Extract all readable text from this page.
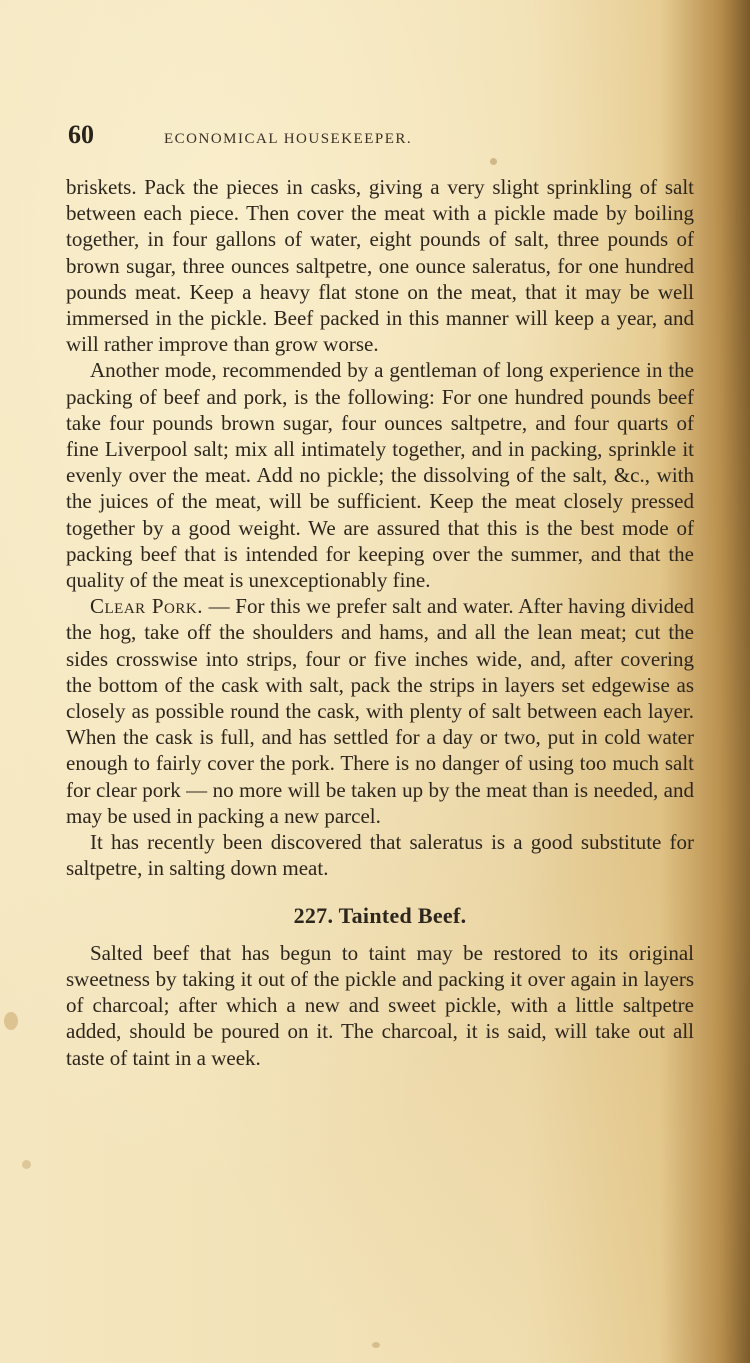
60	ECONOMICAL HOUSEKEEPER.

briskets. Pack the pieces in casks, giving a very slight sprinkling of salt between each piece. Then cover the meat with a pickle made by boiling together, in four gallons of water, eight pounds of salt, three pounds of brown sugar, three ounces saltpetre, one ounce saleratus, for one hundred pounds meat. Keep a heavy flat stone on the meat, that it may be well immersed in the pickle. Beef packed in this manner will keep a year, and will rather improve than grow worse.

Another mode, recommended by a gentleman of long experience in the packing of beef and pork, is the following: For one hundred pounds beef take four pounds brown sugar, four ounces saltpetre, and four quarts of fine Liverpool salt; mix all intimately together, and in packing, sprinkle it evenly over the meat. Add no pickle; the dissolving of the salt, &c., with the juices of the meat, will be sufficient. Keep the meat closely pressed together by a good weight. We are assured that this is the best mode of packing beef that is intended for keeping over the summer, and that the quality of the meat is unexceptionably fine.

Clear Pork. — For this we prefer salt and water. After having divided the hog, take off the shoulders and hams, and all the lean meat; cut the sides crosswise into strips, four or five inches wide, and, after covering the bottom of the cask with salt, pack the strips in layers set edgewise as closely as possible round the cask, with plenty of salt between each layer. When the cask is full, and has settled for a day or two, put in cold water enough to fairly cover the pork. There is no danger of using too much salt for clear pork — no more will be taken up by the meat than is needed, and may be used in packing a new parcel.

It has recently been discovered that saleratus is a good substitute for saltpetre, in salting down meat.

227. Tainted Beef.

Salted beef that has begun to taint may be restored to its original sweetness by taking it out of the pickle and packing it over again in layers of charcoal; after which a new and sweet pickle, with a little saltpetre added, should be poured on it. The charcoal, it is said, will take out all taste of taint in a week.
